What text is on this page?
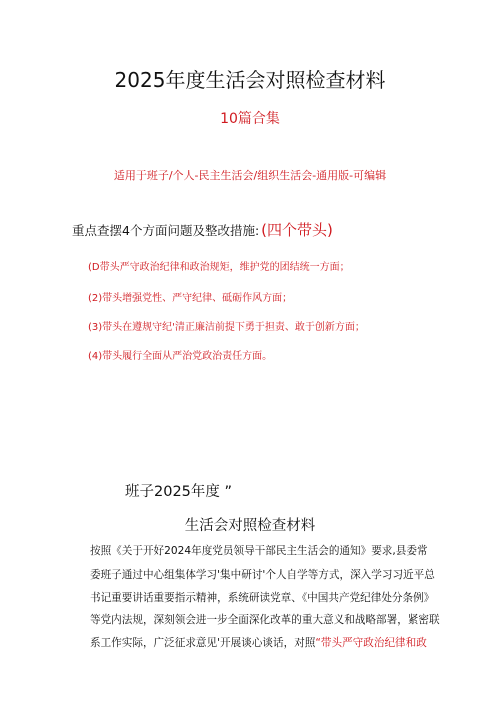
2025年度生活会对照检查材料
10篇合集
适用于班子/个人-民主生活会/组织生活会-通用版-可编辑
重点查摆4个方面问题及整改措施: (四个带头)
(D带头严守政治纪律和政治规矩，维护党的团结统一方面；
(2)带头增强党性、严守纪律、砥砺作风方面；
(3)带头在遵规守纪'清正廉洁前提下勇于担责、敢于创新方面；
(4)带头履行全面从严治党政治责任方面。
班子2025年度 ”
生活会对照检查材料
按照《关于开好2024年度党员领导干部民主生活会的通知》要求,县委常
委班子通过中心组集体学习'集中研讨'个人自学等方式，深入学习习近平总
书记重要讲话重要指示精神，系统研读党章、《中国共产党纪律处分条例》
等党内法规，深刻领会进一步全面深化改革的重大意义和战略部署，紧密联
系工作实际，广泛征求意见'开展谈心谈话，对照“带头严守政治纪律和政
